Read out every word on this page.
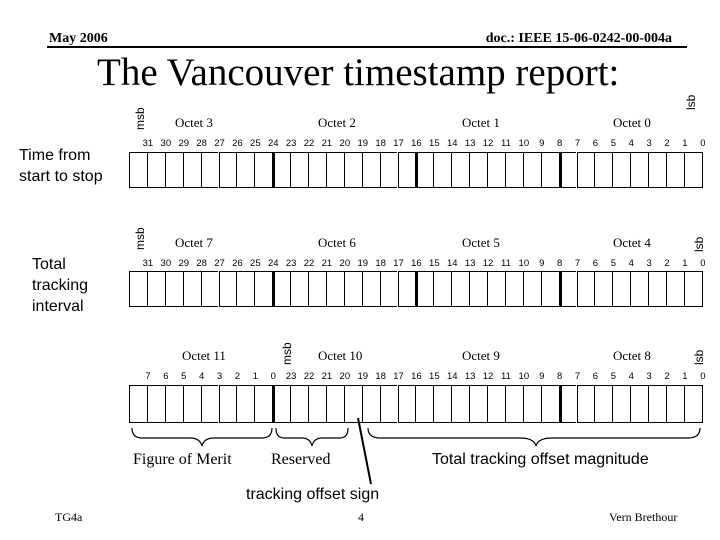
May 2006	doc.: IEEE 15-06-0242-00-004a
The Vancouver timestamp report:
Time from
start to stop
msb
lsb
Octet 3	Octet 2	Octet 1	Octet 0
31 30 29 28 27 26 25 24 23 22 21 20 19 18 17 16 15 14 13 12 11 10	9	8	7	6	5	4	3	2	1	0
Total
tracking
interval
msb	lsb
Octet 7	Octet 6	Octet 5	Octet 4
31 30 29 28 27 26 25 24 23 22 21 20 19 18 17 16 15 14 13 12 11 10	9	8	7	6	5	4	3	2	1	0
msb	lsb
Octet 11	Octet 10	Octet 9	Octet 8
7	6	5	4	3	2	1	0	23 22 21 20 19 18 17 16 15 14 13 12 11 10	9	8	7	6	5	4	3	2	1	0
Figure of Merit Reserved	Total tracking offset magnitude
tracking offset sign
TG4a	4	Vern Brethour
